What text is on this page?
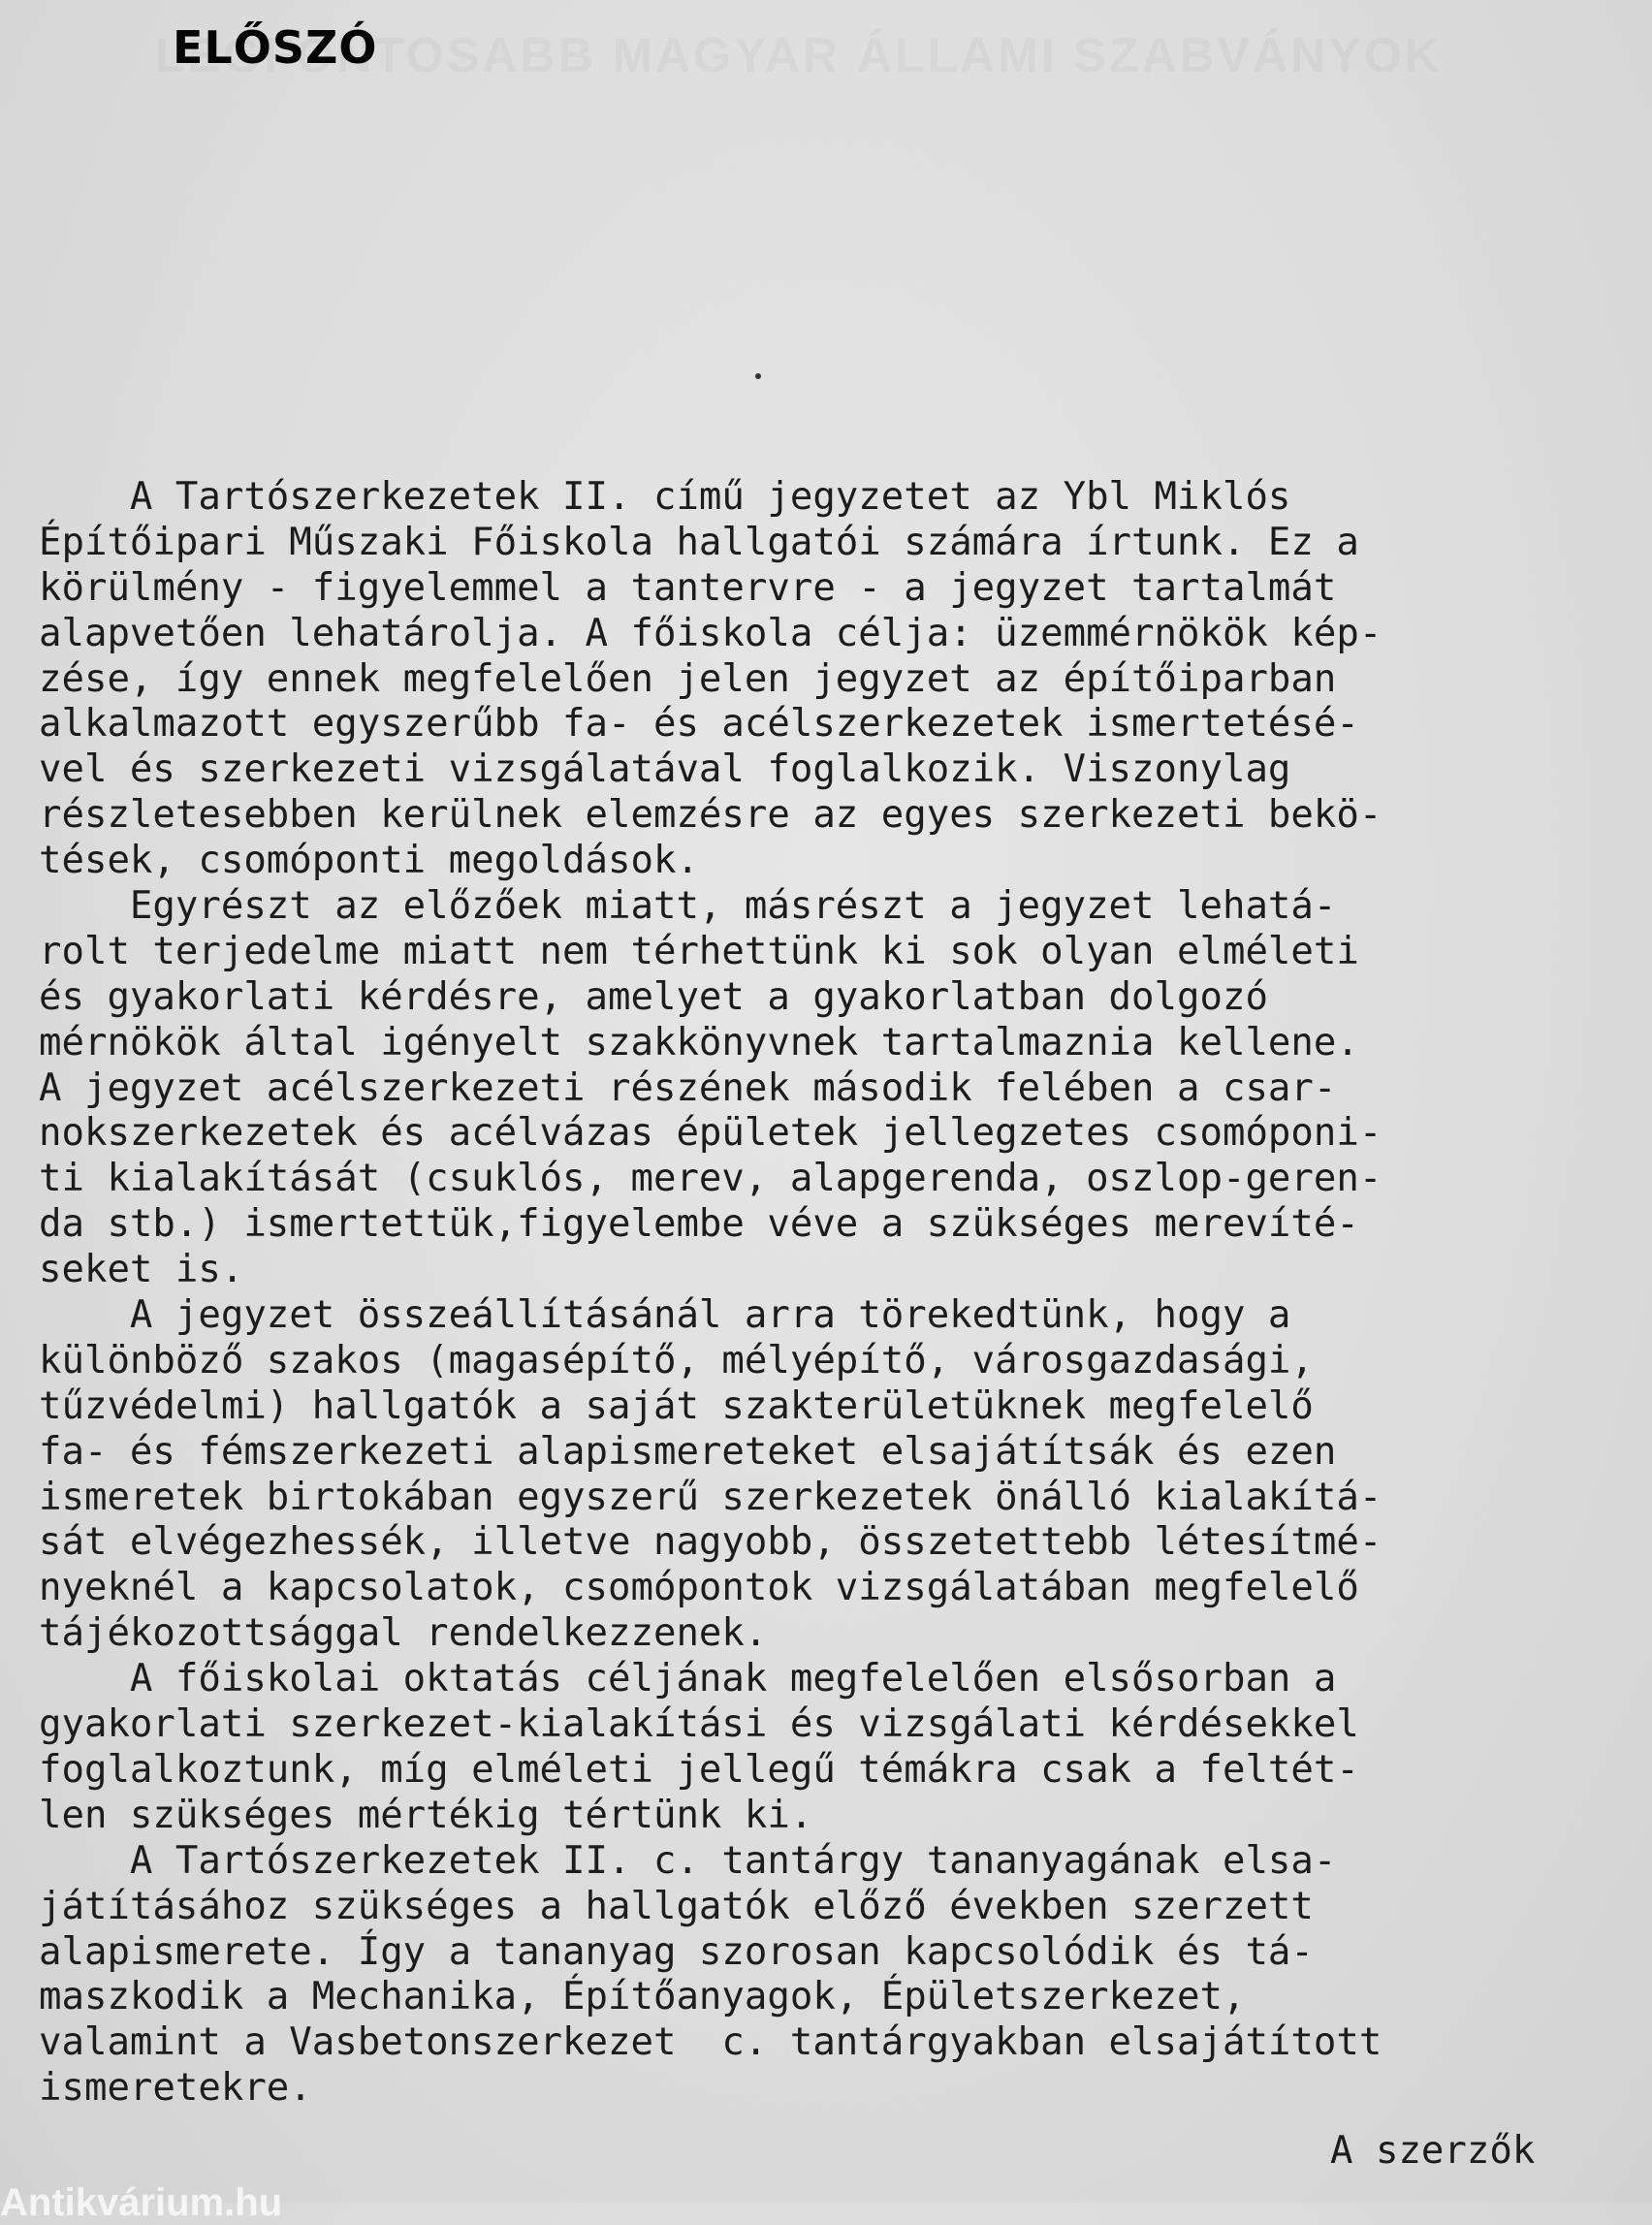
ELŐSZÓ
A Tartószerkezetek II. című jegyzetet az Ybl Miklós
Építőipari Műszaki Főiskola hallgatói számára írtunk. Ez a
körülmény - figyelemmel a tantervre - a jegyzet tartalmát
alapvetően lehatárolja. A főiskola célja: üzemmérnökök kép-
zése, így ennek megfelelően jelen jegyzet az építőiparban
alkalmazott egyszerűbb fa- és acélszerkezetek ismertetésé-
vel és szerkezeti vizsgálatával foglalkozik. Viszonylag
részletesebben kerülnek elemzésre az egyes szerkezeti bekö-
tések, csomóponti megoldások.
Egyrészt az előzőek miatt, másrészt a jegyzet lehatá-
rolt terjedelme miatt nem térhettünk ki sok olyan elméleti
és gyakorlati kérdésre, amelyet a gyakorlatban dolgozó
mérnökök által igényelt szakkönyvnek tartalmaznia kellene.
A jegyzet acélszerkezeti részének második felében a csar-
nokszerkezetek és acélvázas épületek jellegzetes csomóponi-
ti kialakítását (csuklós, merev, alapgerenda, oszlop-geren-
da stb.) ismertettük,figyelembe véve a szükséges merevíté-
seket is.
A jegyzet összeállításánál arra törekedtünk, hogy a
különböző szakos (magasépítő, mélyépítő, városgazdasági,
tűzvédelmi) hallgatók a saját szakterületüknek megfelelő
fa- és fémszerkezeti alapismereteket elsajátítsák és ezen
ismeretek birtokában egyszerű szerkezetek önálló kialakítá-
sát elvégezhessék, illetve nagyobb, összetettebb létesítmé-
nyeknél a kapcsolatok, csomópontok vizsgálatában megfelelő
tájékozottsággal rendelkezzenek.
A főiskolai oktatás céljának megfelelően elsősorban a
gyakorlati szerkezet-kialakítási és vizsgálati kérdésekkel
foglalkoztunk, míg elméleti jellegű témákra csak a feltét-
len szükséges mértékig tértünk ki.
A Tartószerkezetek II. c. tantárgy tananyagának elsa-
játításához szükséges a hallgatók előző években szerzett
alapismerete. Így a tananyag szorosan kapcsolódik és tá-
maszkodik a Mechanika, Építőanyagok, Épületszerkezet,
valamint a Vasbetonszerkezet  c. tantárgyakban elsajátított
ismeretekre.
A szerzők
Antikvárium.hu
